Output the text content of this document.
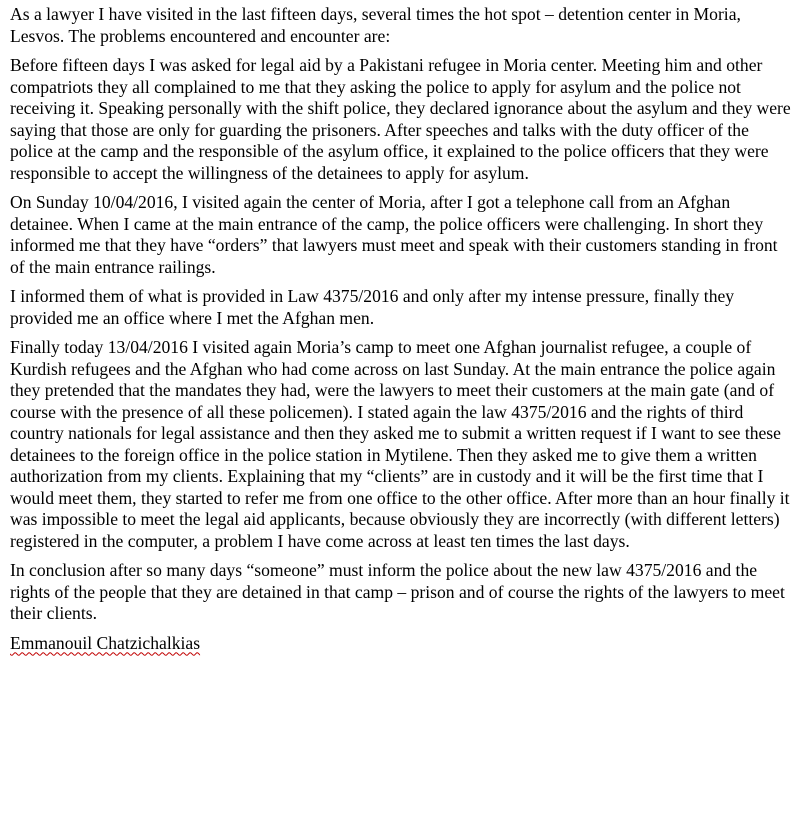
As a lawyer I have visited in the last fifteen days, several times the hot spot – detention center in Moria, Lesvos. The problems encountered and encounter are:

Before fifteen days I was asked for legal aid by a Pakistani refugee in Moria center. Meeting him and other compatriots they all complained to me that they asking the police to apply for asylum and the police not receiving it. Speaking personally with the shift police, they declared ignorance about the asylum and they were saying that those are only for guarding the prisoners. After speeches and talks with the duty officer of the police at the camp and the responsible of the asylum office, it explained to the police officers that they were responsible to accept the willingness of the detainees to apply for asylum.

On Sunday 10/04/2016, I visited again the center of Moria, after I got a telephone call from an Afghan detainee. When I came at the main entrance of the camp, the police officers were challenging. In short they informed me that they have “orders” that lawyers must meet and speak with their customers standing in front of the main entrance railings.

I informed them of what is provided in Law 4375/2016 and only after my intense pressure, finally they provided me an office where I met the Afghan men.

Finally today 13/04/2016 I visited again Moria’s camp to meet one Afghan journalist refugee, a couple of Kurdish refugees and the Afghan who had come across on last Sunday. At the main entrance the police again they pretended that the mandates they had, were the lawyers to meet their customers at the main gate (and of course with the presence of all these policemen). I stated again the law 4375/2016 and the rights of third country nationals for legal assistance and then they asked me to submit a written request if I want to see these detainees to the foreign office in the police station in Mytilene. Then they asked me to give them a written authorization from my clients. Explaining that my “clients” are in custody and it will be the first time that I would meet them, they started to refer me from one office to the other office. After more than an hour finally it was impossible to meet the legal aid applicants, because obviously they are incorrectly (with different letters) registered in the computer, a problem I have come across at least ten times the last days.

In conclusion after so many days “someone” must inform the police about the new law 4375/2016 and the rights of the people that they are detained in that camp – prison and of course the rights of the lawyers to meet their clients.

Emmanouil Chatzichalkias
